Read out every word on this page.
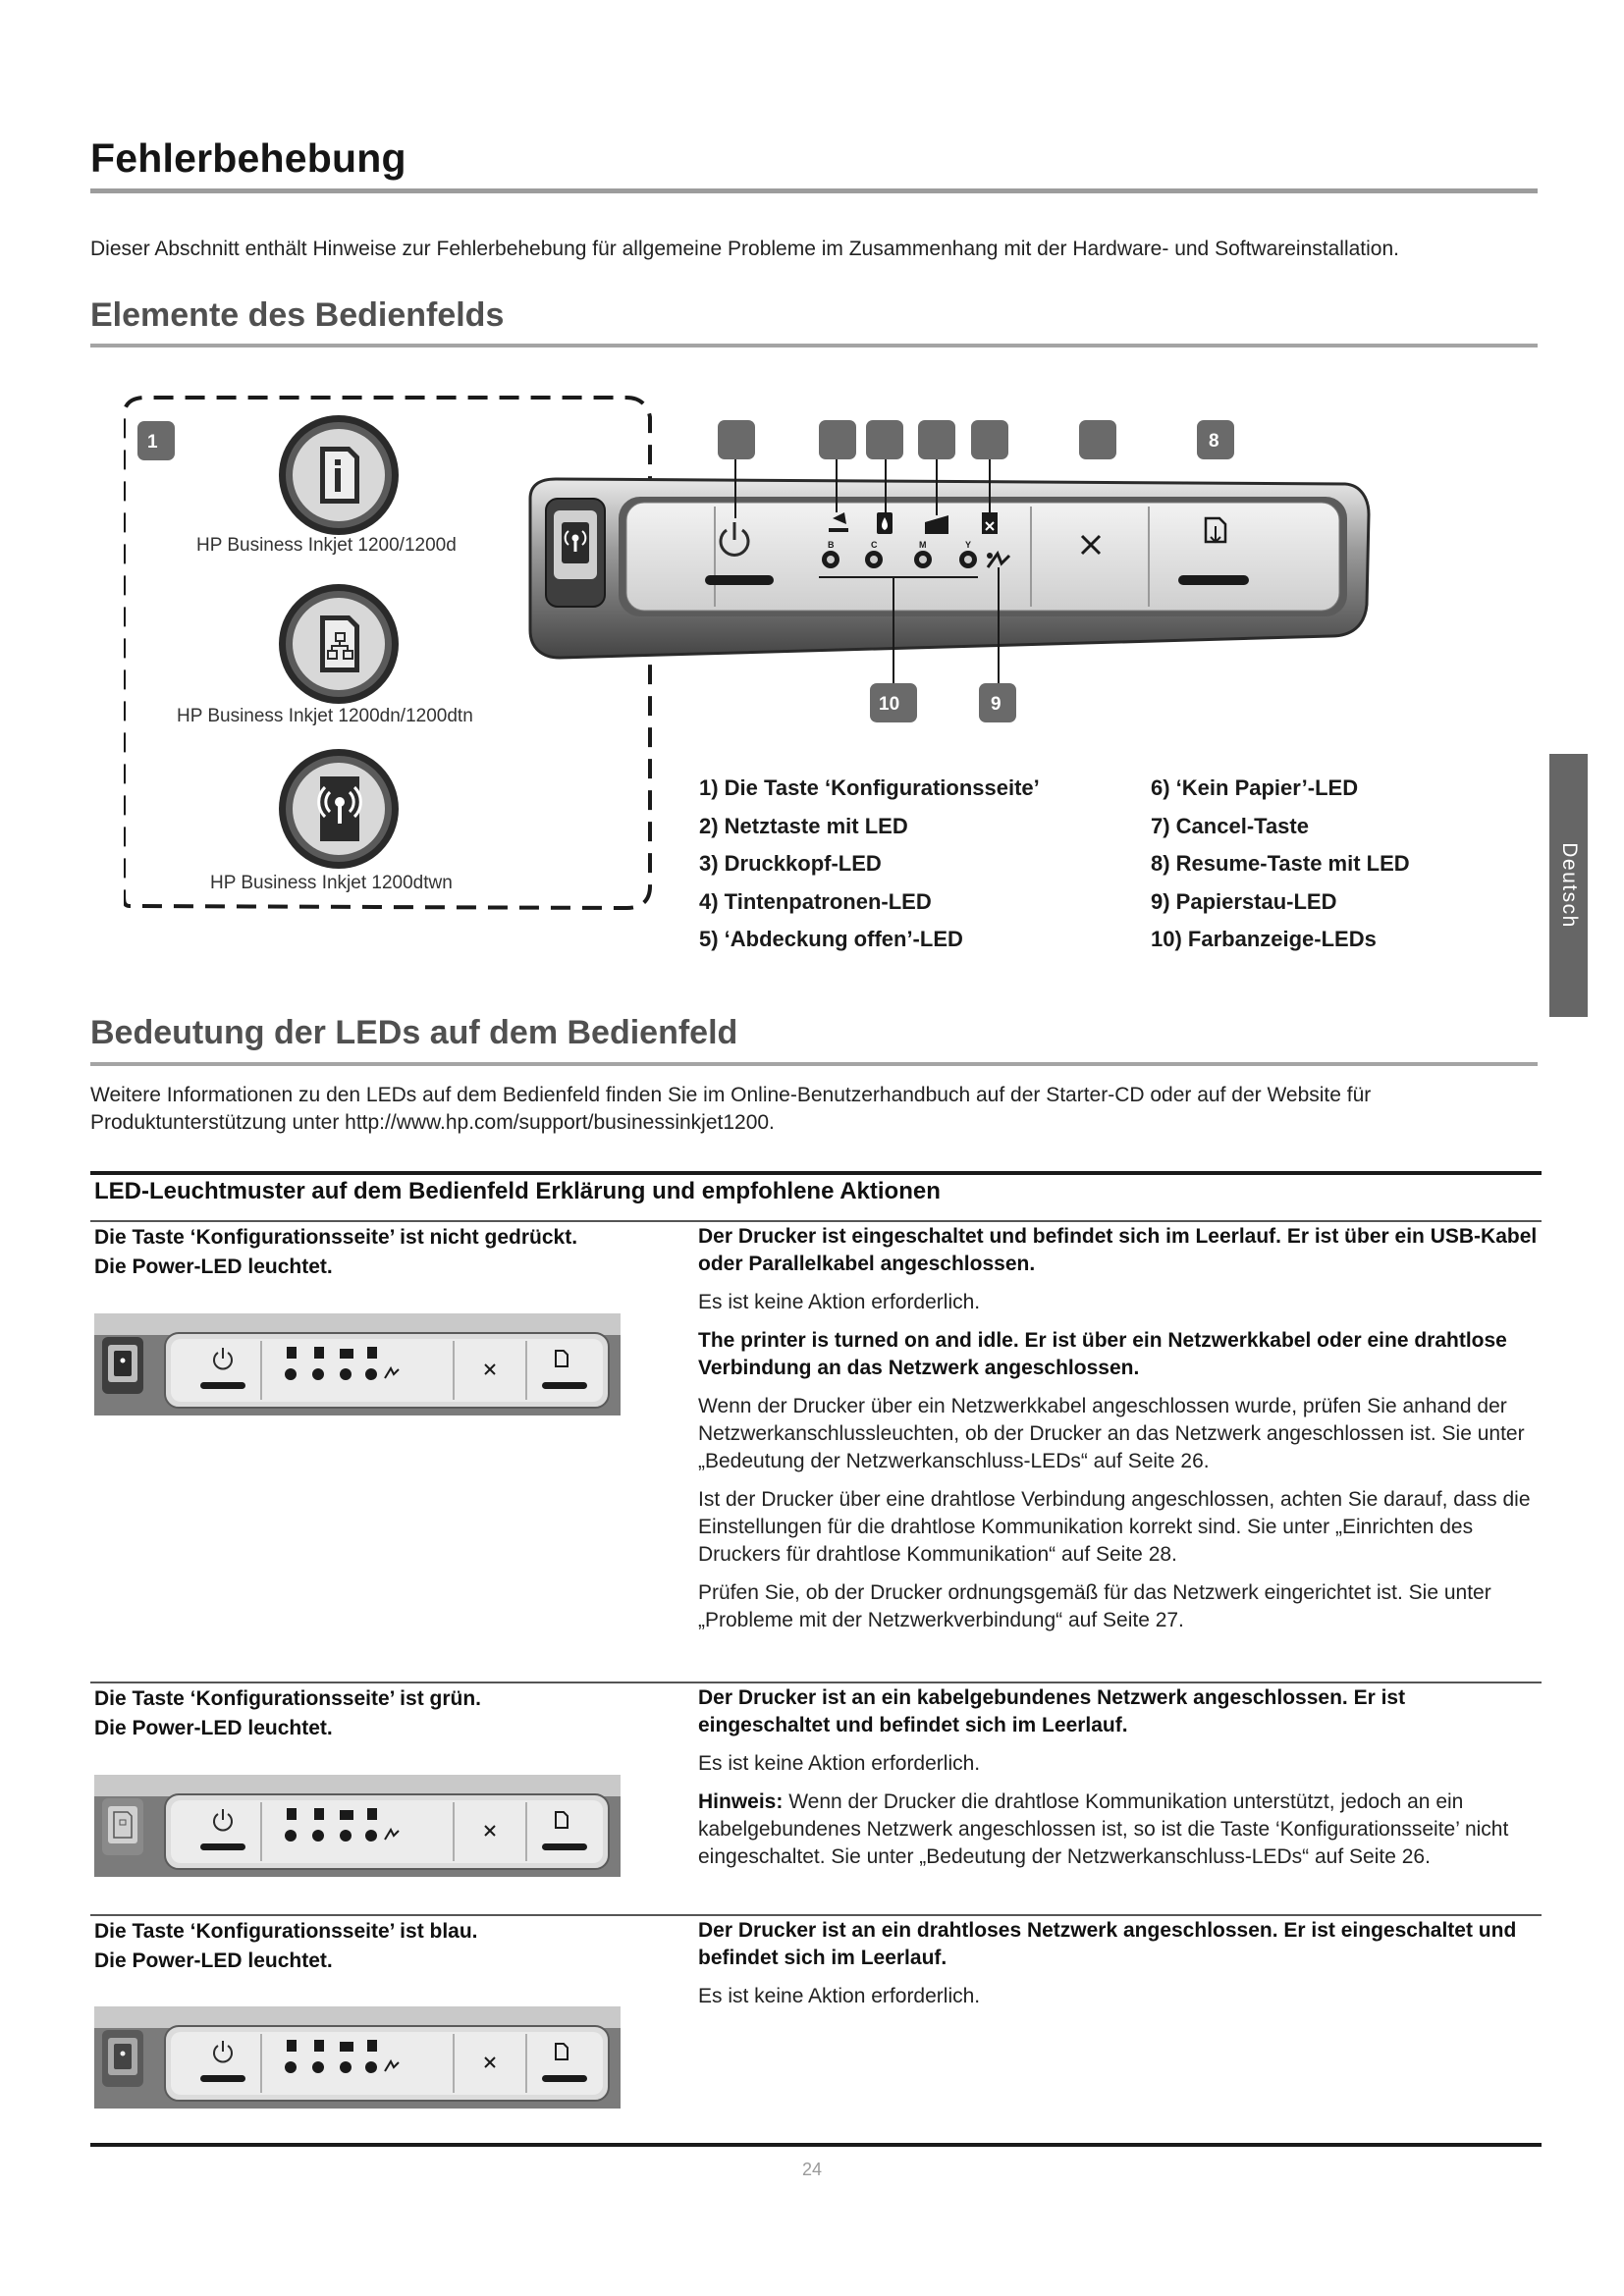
Fehlerbehebung
Dieser Abschnitt enthält Hinweise zur Fehlerbehebung für allgemeine Probleme im Zusammenhang mit der Hardware- und Softwareinstallation.
Elemente des Bedienfelds
1
HP Business Inkjet 1200/1200d
HP Business Inkjet 1200dn/1200dtn
HP Business Inkjet 1200dtwn
B	C	M	Y
8
10	9
1) Die Taste ‘Konfigurationsseite’
2) Netztaste mit LED
3) Druckkopf-LED
4) Tintenpatronen-LED
5) ‘Abdeckung offen’-LED
6) ‘Kein Papier’-LED
7) Cancel-Taste
8) Resume-Taste mit LED
9) Papierstau-LED
10) Farbanzeige-LEDs
Deutsch
Bedeutung der LEDs auf dem Bedienfeld
Weitere Informationen zu den LEDs auf dem Bedienfeld finden Sie im Online-Benutzerhandbuch auf der Starter-CD oder auf der Website für Produktunterstützung unter http://www.hp.com/support/businessinkjet1200.
LED-Leuchtmuster auf dem Bedienfeld Erklärung und empfohlene Aktionen
Die Taste ‘Konfigurationsseite’ ist nicht gedrückt.
Die Power-LED leuchtet.

Der Drucker ist eingeschaltet und befindet sich im Leerlauf. Er ist über ein USB-Kabel oder Parallelkabel angeschlossen.

Es ist keine Aktion erforderlich.

The printer is turned on and idle. Er ist über ein Netzwerkkabel oder eine drahtlose Verbindung an das Netzwerk angeschlossen.

Wenn der Drucker über ein Netzwerkkabel angeschlossen wurde, prüfen Sie anhand der Netzwerkanschlussleuchten, ob der Drucker an das Netzwerk angeschlossen ist. Sie unter „Bedeutung der Netzwerkanschluss-LEDs“ auf Seite 26.

Ist der Drucker über eine drahtlose Verbindung angeschlossen, achten Sie darauf, dass die Einstellungen für die drahtlose Kommunikation korrekt sind. Sie unter „Einrichten des Druckers für drahtlose Kommunikation“ auf Seite 28.

Prüfen Sie, ob der Drucker ordnungsgemäß für das Netzwerk eingerichtet ist. Sie unter „Probleme mit der Netzwerkverbindung“ auf Seite 27.

Die Taste ‘Konfigurationsseite’ ist grün.
Die Power-LED leuchtet.

Der Drucker ist an ein kabelgebundenes Netzwerk angeschlossen. Er ist eingeschaltet und befindet sich im Leerlauf.

Es ist keine Aktion erforderlich.

Hinweis: Wenn der Drucker die drahtlose Kommunikation unterstützt, jedoch an ein kabelgebundenes Netzwerk angeschlossen ist, so ist die Taste ‘Konfigurationsseite’ nicht eingeschaltet. Sie unter „Bedeutung der Netzwerkanschluss-LEDs“ auf Seite 26.

Die Taste ‘Konfigurationsseite’ ist blau.
Die Power-LED leuchtet.

Der Drucker ist an ein drahtloses Netzwerk angeschlossen. Er ist eingeschaltet und befindet sich im Leerlauf.

Es ist keine Aktion erforderlich.

24
